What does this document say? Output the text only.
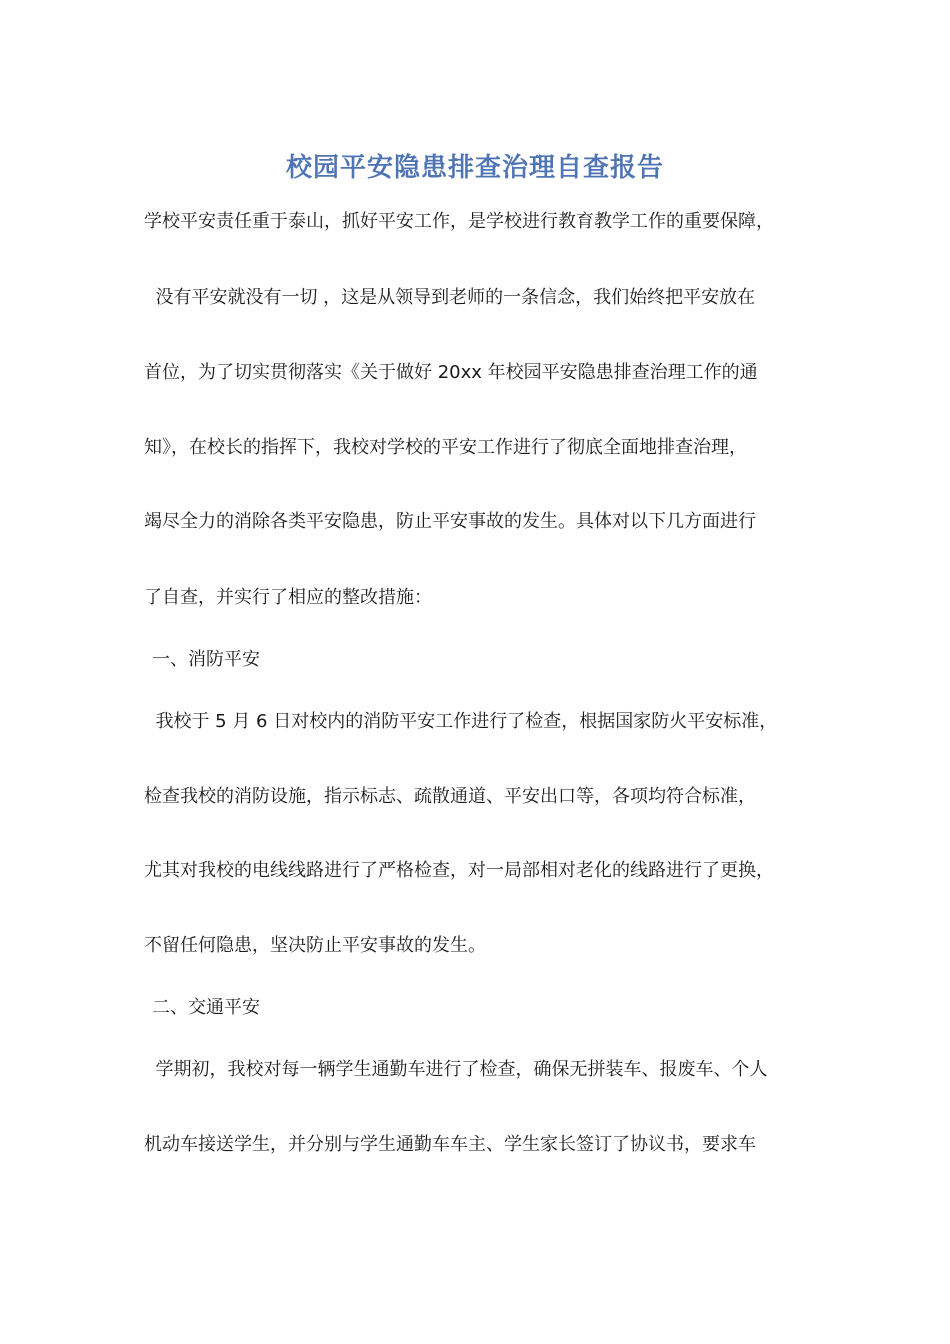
校园平安隐患排查治理自查报告

学校平安责任重于泰山，抓好平安工作，是学校进行教育教学工作的重要保障，

没有平安就没有一切 ，这是从领导到老师的一条信念，我们始终把平安放在

首位，为了切实贯彻落实《关于做好 20xx 年校园平安隐患排查治理工作的通

知》，在校长的指挥下，我校对学校的平安工作进行了彻底全面地排查治理，

竭尽全力的消除各类平安隐患，防止平安事故的发生。具体对以下几方面进行

了自查，并实行了相应的整改措施：

一、消防平安

我校于 5 月 6 日对校内的消防平安工作进行了检查，根据国家防火平安标准，

检查我校的消防设施，指示标志、疏散通道、平安出口等，各项均符合标准，

尤其对我校的电线线路进行了严格检查，对一局部相对老化的线路进行了更换，

不留任何隐患，坚决防止平安事故的发生。

二、交通平安

学期初，我校对每一辆学生通勤车进行了检查，确保无拼装车、报废车、个人

机动车接送学生，并分别与学生通勤车车主、学生家长签订了协议书，要求车
